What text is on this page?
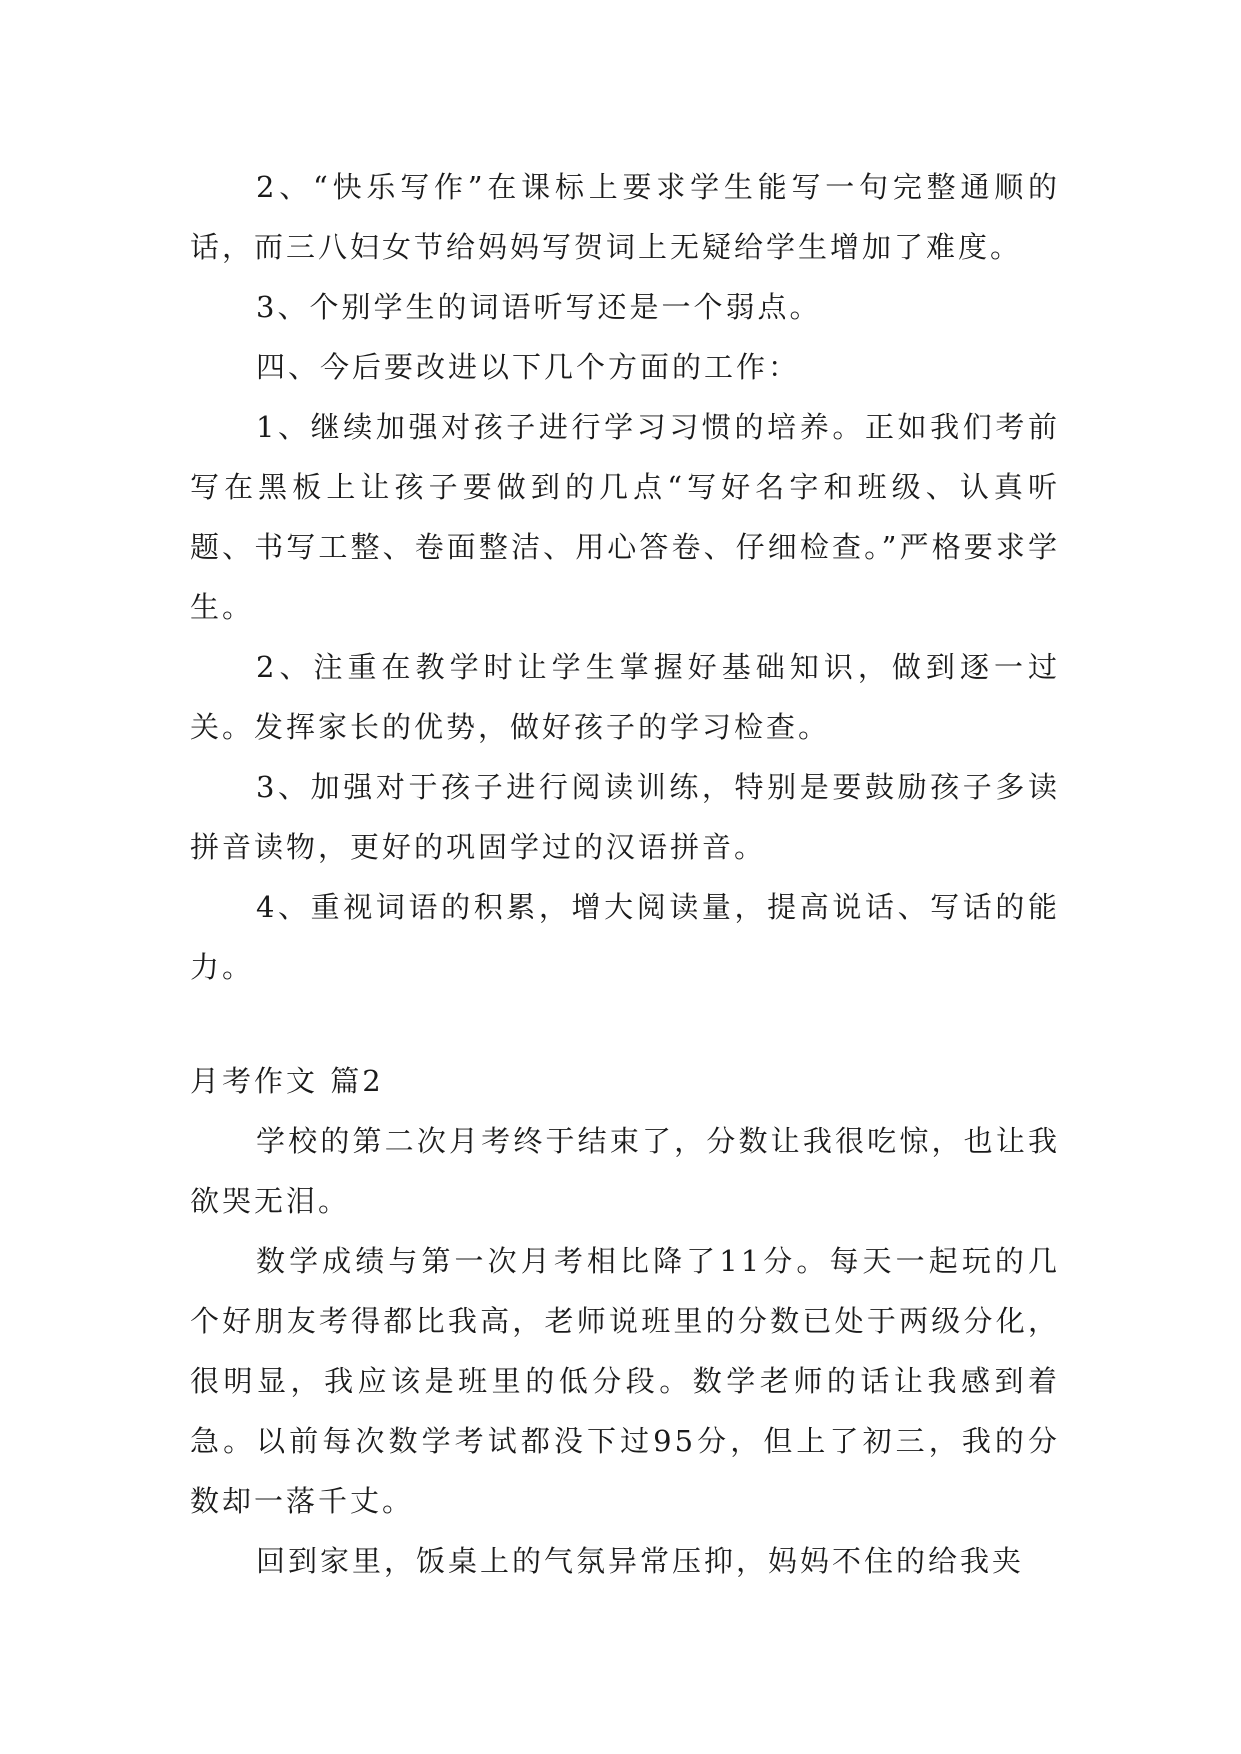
2、“快乐写作”在课标上要求学生能写一句完整通顺的话，而三八妇女节给妈妈写贺词上无疑给学生增加了难度。

3、个别学生的词语听写还是一个弱点。

四、今后要改进以下几个方面的工作：

1、继续加强对孩子进行学习习惯的培养。正如我们考前写在黑板上让孩子要做到的几点“写好名字和班级、认真听题、书写工整、卷面整洁、用心答卷、仔细检查。”严格要求学生。

2、注重在教学时让学生掌握好基础知识，做到逐一过关。发挥家长的优势，做好孩子的学习检查。

3、加强对于孩子进行阅读训练，特别是要鼓励孩子多读拼音读物，更好的巩固学过的汉语拼音。

4、重视词语的积累，增大阅读量，提高说话、写话的能力。

月考作文 篇2

学校的第二次月考终于结束了，分数让我很吃惊，也让我欲哭无泪。

数学成绩与第一次月考相比降了11分。每天一起玩的几个好朋友考得都比我高，老师说班里的分数已处于两级分化，很明显，我应该是班里的低分段。数学老师的话让我感到着急。以前每次数学考试都没下过95分，但上了初三，我的分数却一落千丈。

回到家里，饭桌上的气氛异常压抑，妈妈不住的给我夹
